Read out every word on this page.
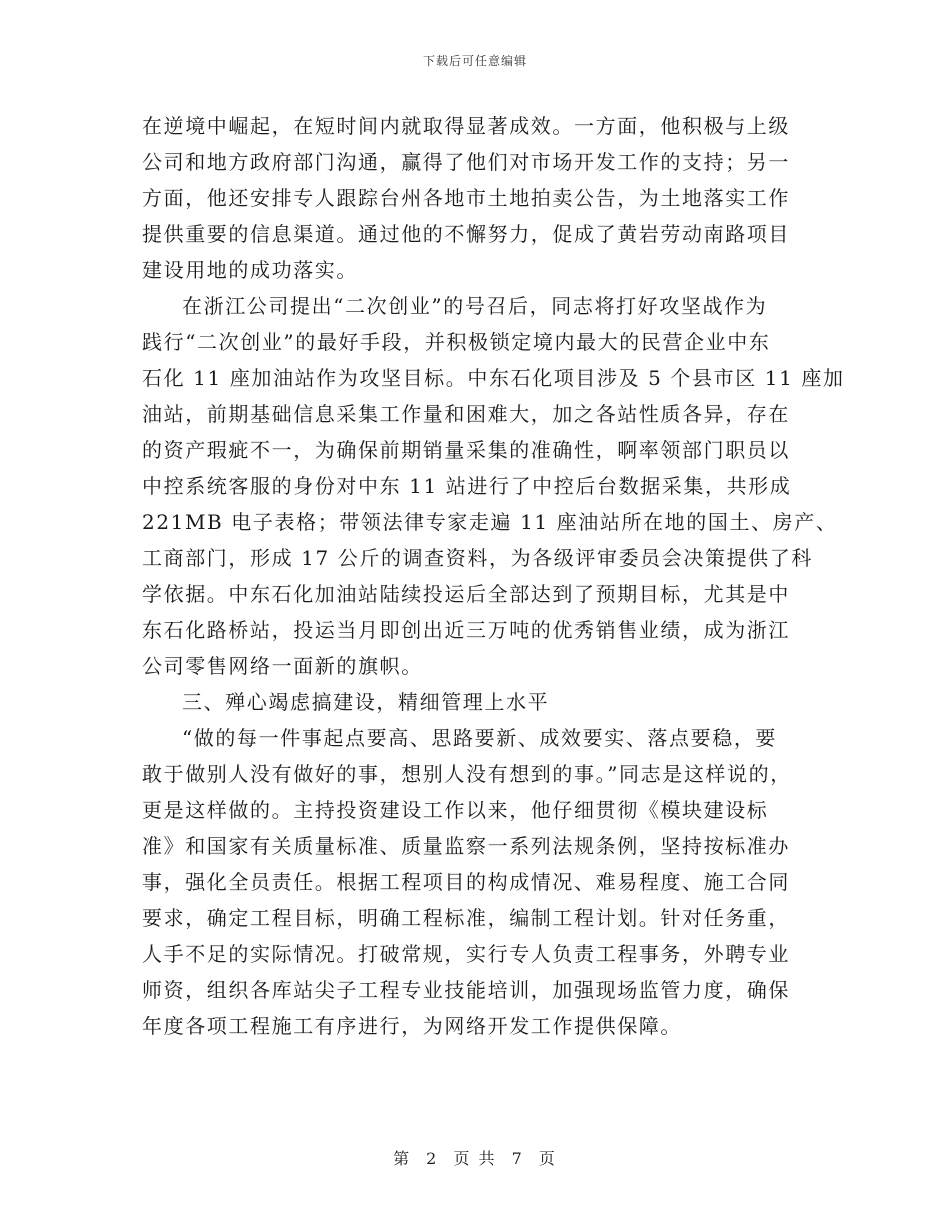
下载后可任意编辑
在逆境中崛起，在短时间内就取得显著成效。一方面，他积极与上级
公司和地方政府部门沟通，赢得了他们对市场开发工作的支持；另一
方面，他还安排专人跟踪台州各地市土地拍卖公告，为土地落实工作
提供重要的信息渠道。通过他的不懈努力，促成了黄岩劳动南路项目
建设用地的成功落实。
在浙江公司提出“二次创业”的号召后，同志将打好攻坚战作为
践行“二次创业”的最好手段，并积极锁定境内最大的民营企业中东
石化 11 座加油站作为攻坚目标。中东石化项目涉及 5 个县市区 11 座加
油站，前期基础信息采集工作量和困难大，加之各站性质各异，存在
的资产瑕疵不一，为确保前期销量采集的准确性，啊率领部门职员以
中控系统客服的身份对中东 11 站进行了中控后台数据采集，共形成
221MB 电子表格；带领法律专家走遍 11 座油站所在地的国土、房产、
工商部门，形成 17 公斤的调查资料，为各级评审委员会决策提供了科
学依据。中东石化加油站陆续投运后全部达到了预期目标，尤其是中
东石化路桥站，投运当月即创出近三万吨的优秀销售业绩，成为浙江
公司零售网络一面新的旗帜。
三、殚心竭虑搞建设，精细管理上水平
“做的每一件事起点要高、思路要新、成效要实、落点要稳，要
敢于做别人没有做好的事，想别人没有想到的事。”同志是这样说的，
更是这样做的。主持投资建设工作以来，他仔细贯彻《模块建设标
准》和国家有关质量标准、质量监察一系列法规条例，坚持按标准办
事，强化全员责任。根据工程项目的构成情况、难易程度、施工合同
要求，确定工程目标，明确工程标准，编制工程计划。针对任务重，
人手不足的实际情况。打破常规，实行专人负责工程事务，外聘专业
师资，组织各库站尖子工程专业技能培训，加强现场监管力度，确保
年度各项工程施工有序进行，为网络开发工作提供保障。
第 2 页 共 7 页
